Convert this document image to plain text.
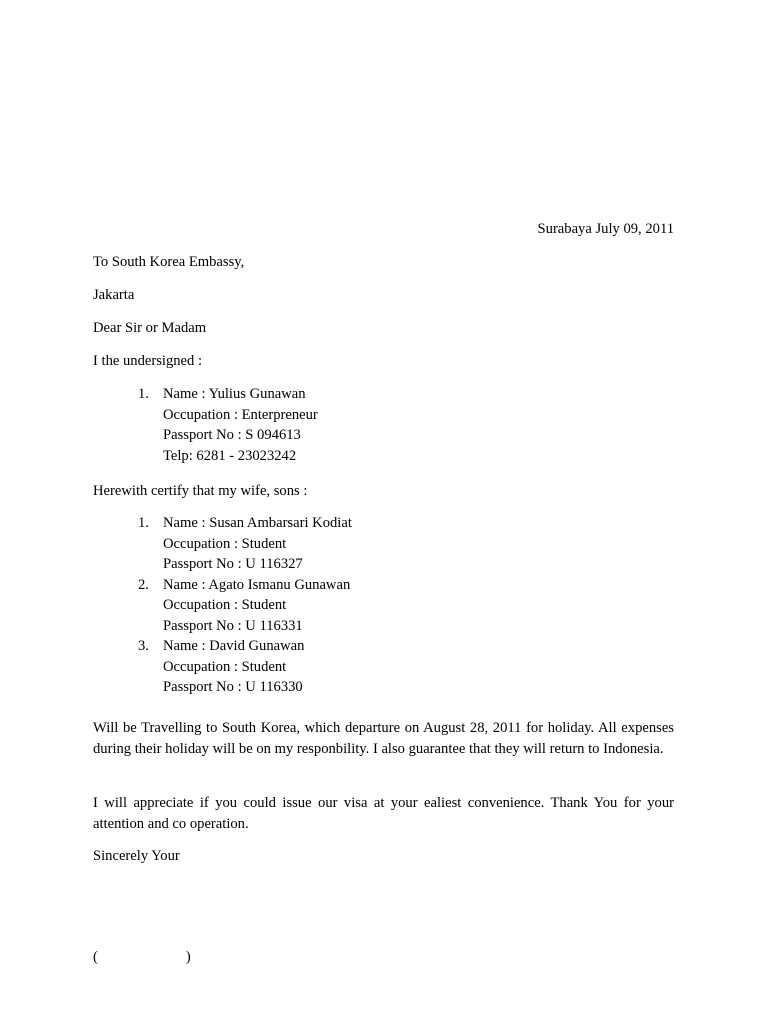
Surabaya July 09, 2011
To South Korea Embassy,
Jakarta
Dear Sir or Madam
I the undersigned :
1. Name : Yulius Gunawan
Occupation : Enterpreneur
Passport No : S 094613
Telp: 6281 - 23023242
Herewith certify that my wife, sons :
1. Name : Susan Ambarsari Kodiat
Occupation : Student
Passport No : U 116327
2. Name : Agato Ismanu Gunawan
Occupation : Student
Passport No : U 116331
3. Name : David Gunawan
Occupation : Student
Passport No : U 116330

Will be Travelling to South Korea, which departure on August 28, 2011 for holiday. All expenses during their holiday will be on my responbility. I also guarantee that they will return to Indonesia.

I will appreciate if you could issue our visa at your ealiest convenience. Thank You for your attention and co operation.

Sincerely Your
(	)
